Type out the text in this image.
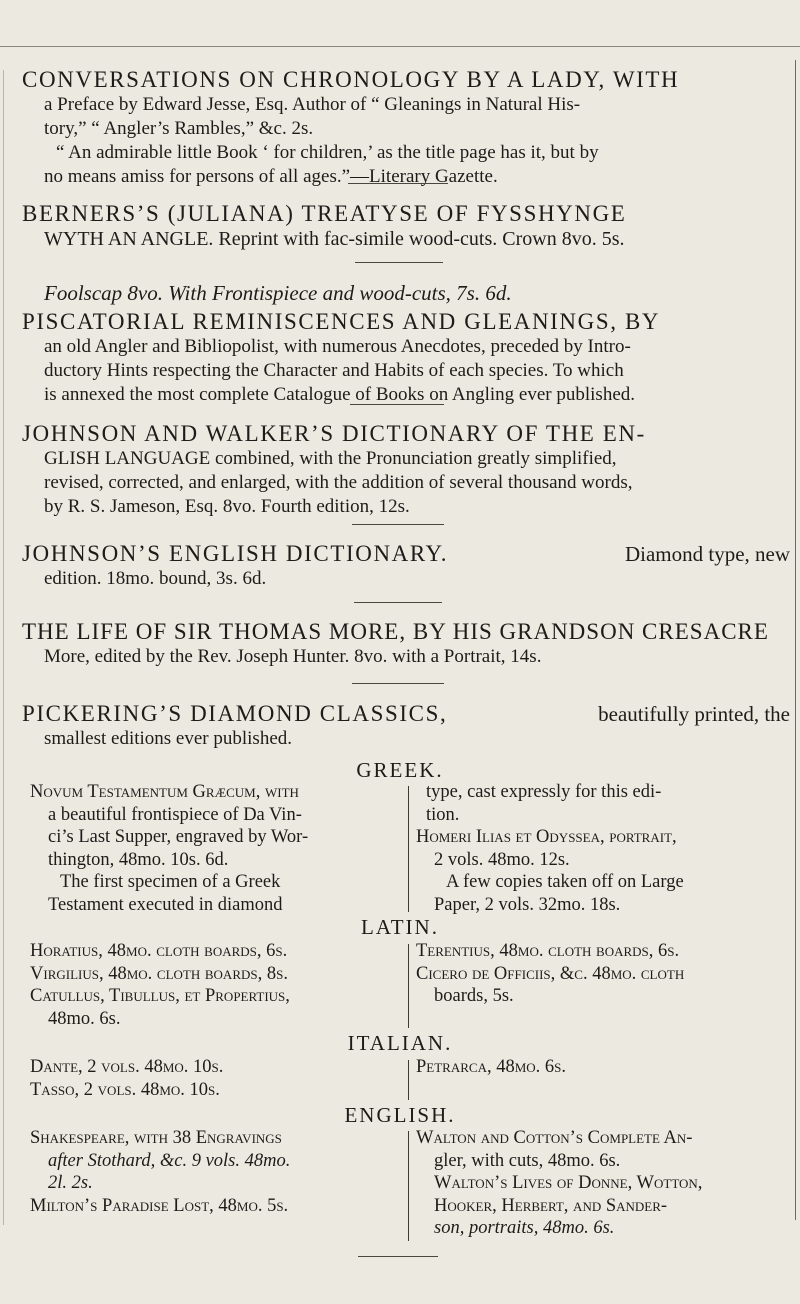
CONVERSATIONS ON CHRONOLOGY BY A LADY, WITH
a Preface by Edward Jesse, Esq. Author of “ Gleanings in Natural His-
tory,” “ Angler’s Rambles,” &c. 2s.
“ An admirable little Book ‘ for children,’ as the title page has it, but by
no means amiss for persons of all ages.”—Literary Gazette.
BERNERS’S (JULIANA) TREATYSE OF FYSSHYNGE
WYTH AN ANGLE. Reprint with fac-simile wood-cuts. Crown 8vo. 5s.
Foolscap 8vo. With Frontispiece and wood-cuts, 7s. 6d.
PISCATORIAL REMINISCENCES AND GLEANINGS, BY
an old Angler and Bibliopolist, with numerous Anecdotes, preceded by Intro-
ductory Hints respecting the Character and Habits of each species. To which
is annexed the most complete Catalogue of Books on Angling ever published.
JOHNSON AND WALKER’S DICTIONARY OF THE EN-
GLISH LANGUAGE combined, with the Pronunciation greatly simplified,
revised, corrected, and enlarged, with the addition of several thousand words,
by R. S. Jameson, Esq. 8vo. Fourth edition, 12s.
JOHNSON’S ENGLISH DICTIONARY.	Diamond type, new
edition. 18mo. bound, 3s. 6d.
THE LIFE OF SIR THOMAS MORE, BY HIS GRANDSON CRESACRE
More, edited by the Rev. Joseph Hunter. 8vo. with a Portrait, 14s.
PICKERING’S DIAMOND CLASSICS,	beautifully printed, the
smallest editions ever published.
GREEK.
Novum Testamentum Græcum, with
a beautiful frontispiece of Da Vin-
ci’s Last Supper, engraved by Wor-
thington, 48mo. 10s. 6d.
The first specimen of a Greek
Testament executed in diamond
type, cast expressly for this edi-
tion.
Homeri Ilias et Odyssea, portrait,
2 vols. 48mo. 12s.
A few copies taken off on Large
Paper, 2 vols. 32mo. 18s.
LATIN.
Horatius, 48mo. cloth boards, 6s.
Virgilius, 48mo. cloth boards, 8s.
Catullus, Tibullus, et Propertius,
48mo. 6s.
Terentius, 48mo. cloth boards, 6s.
Cicero de Officiis, &c. 48mo. cloth
boards, 5s.
ITALIAN.
Dante, 2 vols. 48mo. 10s.
Tasso, 2 vols. 48mo. 10s.
Petrarca, 48mo. 6s.
ENGLISH.
Shakespeare, with 38 Engravings
after Stothard, &c. 9 vols. 48mo.
2l. 2s.
Milton’s Paradise Lost, 48mo. 5s.
Walton and Cotton’s Complete An-
gler, with cuts, 48mo. 6s.
Walton’s Lives of Donne, Wotton,
Hooker, Herbert, and Sander-
son, portraits, 48mo. 6s.
